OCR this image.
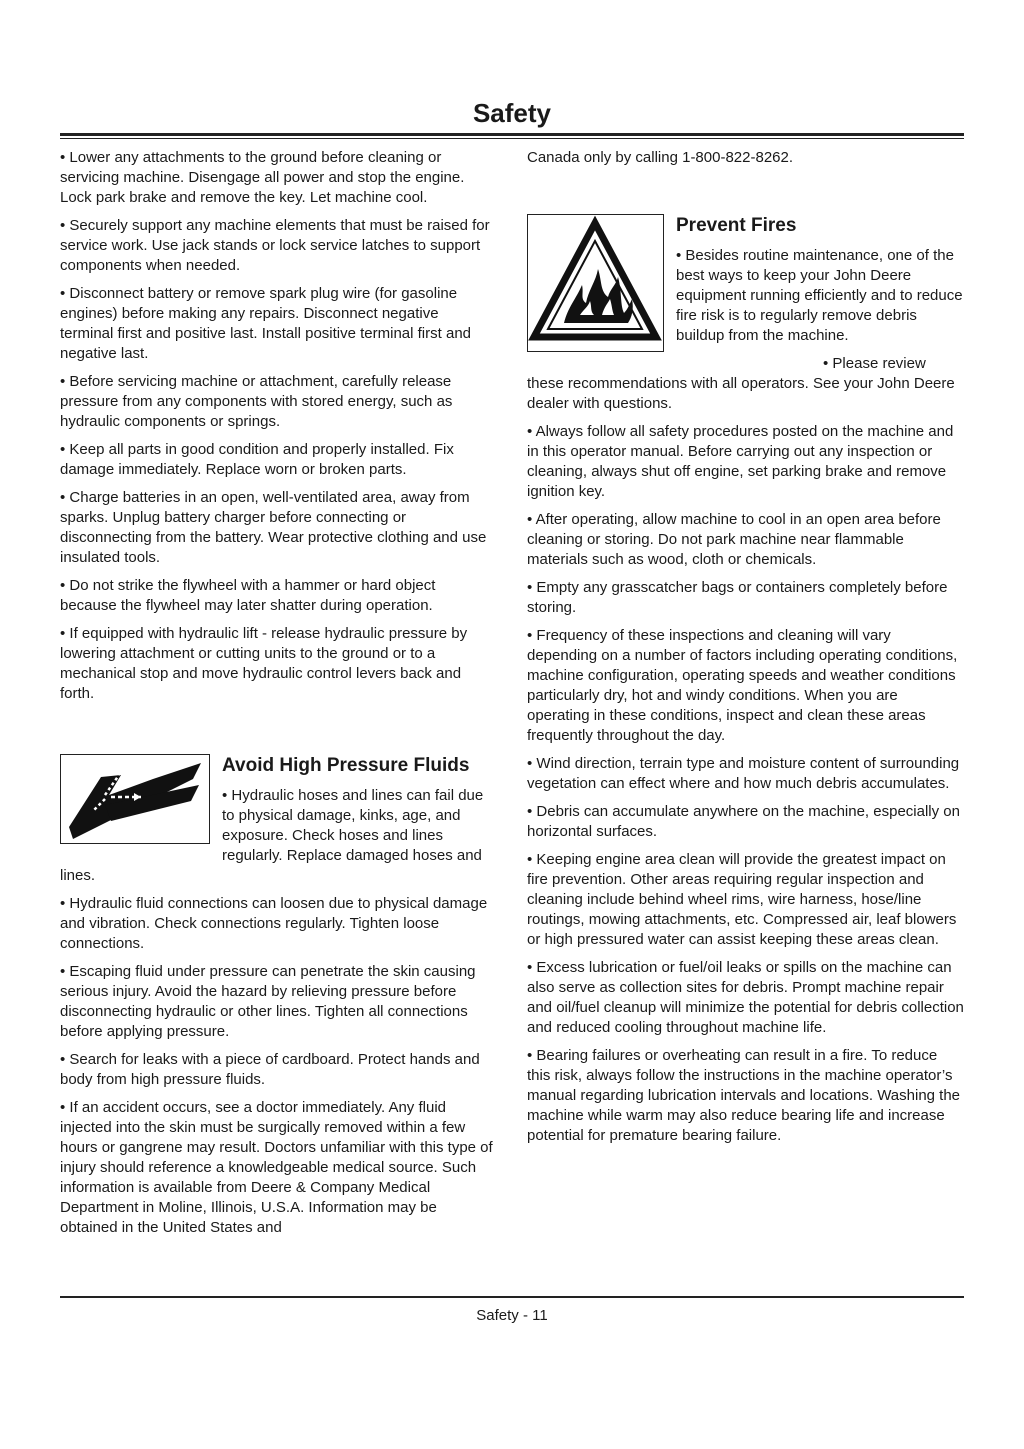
Safety

• Lower any attachments to the ground before cleaning or servicing machine. Disengage all power and stop the engine. Lock park brake and remove the key. Let machine cool.

• Securely support any machine elements that must be raised for service work. Use jack stands or lock service latches to support components when needed.

• Disconnect battery or remove spark plug wire (for gasoline engines) before making any repairs. Disconnect negative terminal first and positive last. Install positive terminal first and negative last.

• Before servicing machine or attachment, carefully release pressure from any components with stored energy, such as hydraulic components or springs.

• Keep all parts in good condition and properly installed. Fix damage immediately. Replace worn or broken parts.

• Charge batteries in an open, well-ventilated area, away from sparks. Unplug battery charger before connecting or disconnecting from the battery. Wear protective clothing and use insulated tools.

• Do not strike the flywheel with a hammer or hard object because the flywheel may later shatter during operation.

• If equipped with hydraulic lift - release hydraulic pressure by lowering attachment or cutting units to the ground or to a mechanical stop and move hydraulic control levers back and forth.

Avoid High Pressure Fluids

• Hydraulic hoses and lines can fail due to physical damage, kinks, age, and exposure. Check hoses and lines regularly. Replace damaged hoses and lines.

• Hydraulic fluid connections can loosen due to physical damage and vibration. Check connections regularly. Tighten loose connections.

• Escaping fluid under pressure can penetrate the skin causing serious injury. Avoid the hazard by relieving pressure before disconnecting hydraulic or other lines. Tighten all connections before applying pressure.

• Search for leaks with a piece of cardboard. Protect hands and body from high pressure fluids.

• If an accident occurs, see a doctor immediately. Any fluid injected into the skin must be surgically removed within a few hours or gangrene may result. Doctors unfamiliar with this type of injury should reference a knowledgeable medical source. Such information is available from Deere & Company Medical Department in Moline, Illinois, U.S.A. Information may be obtained in the United States and

Canada only by calling 1-800-822-8262.

Prevent Fires

• Besides routine maintenance, one of the best ways to keep your John Deere equipment running efficiently and to reduce fire risk is to regularly remove debris buildup from the machine.

• Please review these recommendations with all operators. See your John Deere dealer with questions.

• Always follow all safety procedures posted on the machine and in this operator manual. Before carrying out any inspection or cleaning, always shut off engine, set parking brake and remove ignition key.

• After operating, allow machine to cool in an open area before cleaning or storing. Do not park machine near flammable materials such as wood, cloth or chemicals.

• Empty any grasscatcher bags or containers completely before storing.

• Frequency of these inspections and cleaning will vary depending on a number of factors including operating conditions, machine configuration, operating speeds and weather conditions particularly dry, hot and windy conditions. When you are operating in these conditions, inspect and clean these areas frequently throughout the day.

• Wind direction, terrain type and moisture content of surrounding vegetation can effect where and how much debris accumulates.

• Debris can accumulate anywhere on the machine, especially on horizontal surfaces.

• Keeping engine area clean will provide the greatest impact on fire prevention. Other areas requiring regular inspection and cleaning include behind wheel rims, wire harness, hose/line routings, mowing attachments, etc. Compressed air, leaf blowers or high pressured water can assist keeping these areas clean.

• Excess lubrication or fuel/oil leaks or spills on the machine can also serve as collection sites for debris. Prompt machine repair and oil/fuel cleanup will minimize the potential for debris collection and reduced cooling throughout machine life.

• Bearing failures or overheating can result in a fire. To reduce this risk, always follow the instructions in the machine operator’s manual regarding lubrication intervals and locations. Washing the machine while warm may also reduce bearing life and increase potential for premature bearing failure.

Safety - 11
